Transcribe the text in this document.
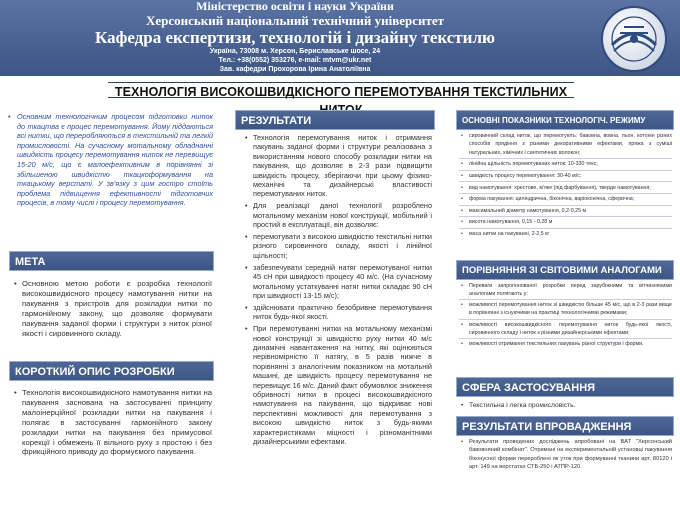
Міністерство освіти і науки України
Херсонський національний технічний університет
Кафедра експертизи, технологій і дизайну текстилю
Україна, 73008 м. Херсон, Бериславське шосе, 24
Тел.: +38(0552) 353276, e-mail: mtvm@ukr.net
Зав. кафедри Прохорова Ірина Анатоліївна
ТЕХНОЛОГІЯ ВИСОКОШВИДКІСНОГО ПЕРЕМОТУВАННЯ ТЕКСТИЛЬНИХ
• Основним технологічним процесом підготовки ниток до ткацтва є процес перемотування. Йому піддаються всі нитки, що переробляються в текстильній та легкій промисловості. На сучасному мотальному обладнанні швидкість процесу перемотування ниток не перевищує 15-20 м/с, що є малоефективним в порівнянні зі збільшеною швидкістю ткацкоформування на ткацькому верстаті. У зв'язку з цим гостро стоїть проблема підвищення ефективності підготовчих процесів, в тому числі і процесу перемотування.

МЕТА
• Основною метою роботи є розробка технології високошвидкісного процесу намотування нитки на пакування з пристроїв для розкладки нитки по гармонійному закону, що дозволяє формувати пакування заданої форми і структури з ниток різної якості і сировинного складу.
КОРОТКИЙ ОПИС РОЗРОБКИ
• Технологія високошвидкісного намотування нитки на пакування заснована на застосуванні принципу малоінерційної розкладки нитки на пакування і полягає в застосуванні гармонійного закону розкладки нитки на пакування без примусової корекції і обмежень її вільного руху з простою і без фрикційного приводу до формуємого пакування.
РЕЗУЛЬТАТИ
• Технологія перемотування ниток і отримання пакувань заданої форми і структури реалізована з використанням нового способу розкладки нитки на пакування, що дозволяє в 2-3 рази підвищити швидкість процесу, зберігаючи при цьому фізико-механічні та дизайнерські властивості перемотуваних ниток.
• Для реалізації даної технології розроблено мотальному механізм нової конструкції, мобільний і простий в експлуатації, він дозволяє:
• перемотувати з високою швидкістю текстильні нитки різного сировинного складу, якості і лінійної щільності;
• забезпечувати середній натяг перемотуваної нитки 45 сН при швидкості процесу 40 м/с. (На сучасному мотальному устаткуванні натяг нитки складає 90 сН при швидкості 13-15 м/с);
• здійснювати практично безобривне перемотування ниток будь-якої якості.
• При перемотуванні нитки на мотальному механізмі нової конструкції зі швидкістю руху нитки 40 м/с динамічні навантаження на нитку, які оцінюються нерівномірністю її натягу, в 5 разів нижче в порівнянні з аналогічним показником на мотальній машині, де швидкість процесу перемотування не перевищує 16 м/с. Даний факт обумовлює зниження обривності нитки в процесі високошвидкісного намотування на пакування, що відкриває нові перспективні можливості для перемотування з високою швидкістю ниток з будь-якими характеристиками міцності і різноманітними дизайнерськими ефектами.
ОСНОВНІ ПОКАЗНИКИ ТЕХНОЛОГІЧ. РЕЖИМУ
• сировинний склад ниток, що перемотують: бавовна, вовна, льон, котонін різних способів прядіння з різними декоративними ефектами, пряжа з суміші натуральних, хімічних і синтетичних волокон;
• лінійна щільність перемотуваних ниток: 10-330 текс;
• швидкість процесу перемотування: 30-40 м/с;
• вид намотування: хрестове, м'яке (під фарбування), тверде намотування;
• форма пакування: циліндрична, біконічна, варіоконічна, сферична;
• максимальний діаметр намотування, 0,2-0,25 м
• висота намотування, 0,15 - 0,28 м
• маса нитки на пакуванні, 2-2,5 кг
ПОРІВНЯННЯ ЗІ СВІТОВИМИ АНАЛОГАМИ
• Переваги запропонованої розробки перед зарубіжними та вітчизняними аналогами полягають у:
• можливості перемотування ниток зі швидкістю більше 45 м/с, що в 2-3 рази вище в порівнянні з існуючими на практиці технологічними режимами;
• можливості високошвидкісного перемотування ниток будь-якої якості, сировинного складу і ниток з різними дизайнерськими ефектами;
• можливості отримання текстильних пакувань різної структури і форми.
СФЕРА ЗАСТОСУВАННЯ
• Текстильна і легка промисловість.
РЕЗУЛЬТАТИ ВПРОВАДЖЕННЯ
• Результати проведених досліджень апробовані на ВАТ "Херсонський бавовняний комбінат". Отримані на експериментальній установці пакування біконусної форми перероблені як уток при формуванні тканини арт. 80120 і арт. 149 на верстатах СТБ-250 і АТПР-120.
